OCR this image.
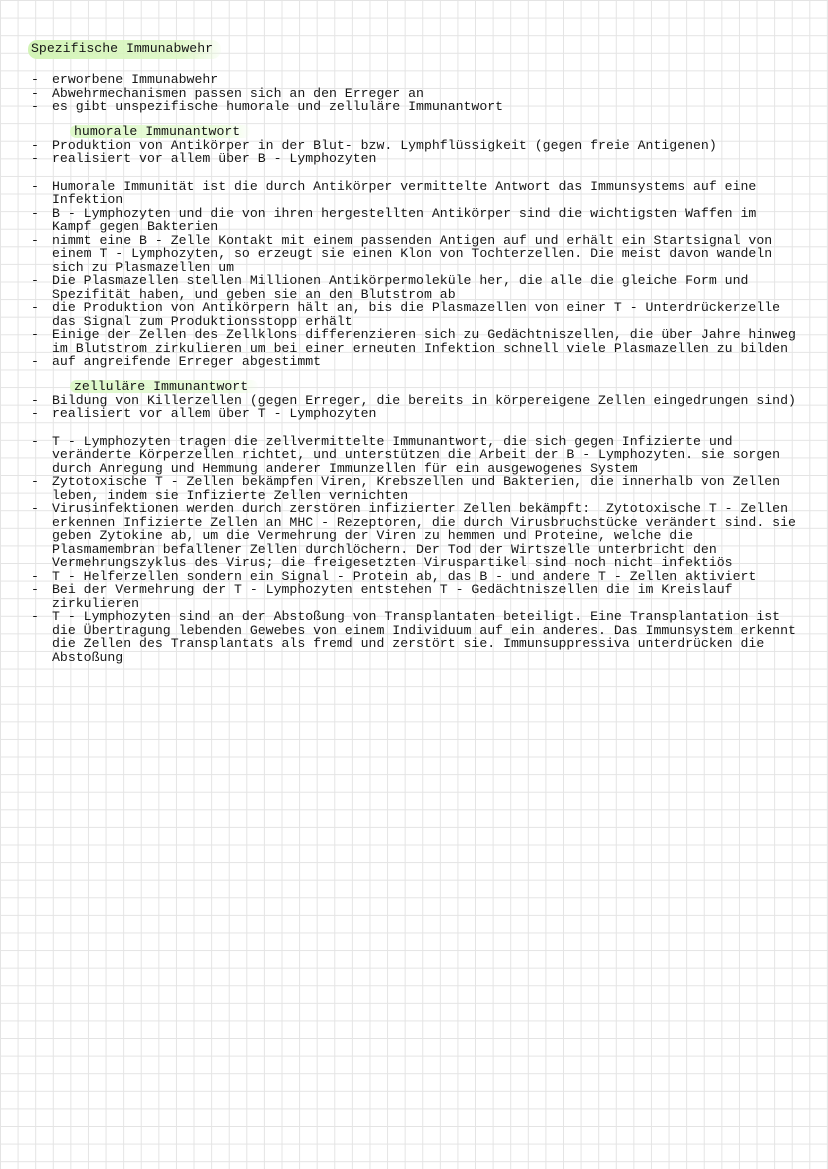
Spezifische Immunabwehr
- erworbene Immunabwehr
- Abwehrmechanismen passen sich an den Erreger an
- es gibt unspezifische humorale und zelluläre Immunantwort
humorale Immunantwort
- Produktion von Antikörper in der Blut- bzw. Lymphflüssigkeit (gegen freie Antigenen)
- realisiert vor allem über B - Lymphozyten
- Humorale Immunität ist die durch Antikörper vermittelte Antwort das Immunsystems auf eine
Infektion
- B - Lymphozyten und die von ihren hergestellten Antikörper sind die wichtigsten Waffen im
Kampf gegen Bakterien
- nimmt eine B - Zelle Kontakt mit einem passenden Antigen auf und erhält ein Startsignal von
einem T - Lymphozyten, so erzeugt sie einen Klon von Tochterzellen. Die meist davon wandeln
sich zu Plasmazellen um
- Die Plasmazellen stellen Millionen Antikörpermoleküle her, die alle die gleiche Form und
Spezifität haben, und geben sie an den Blutstrom ab
- die Produktion von Antikörpern hält an, bis die Plasmazellen von einer T - Unterdrückerzelle
das Signal zum Produktionsstopp erhält
- Einige der Zellen des Zellklons differenzieren sich zu Gedächtniszellen, die über Jahre hinweg
im Blutstrom zirkulieren um bei einer erneuten Infektion schnell viele Plasmazellen zu bilden
- auf angreifende Erreger abgestimmt
zelluläre Immunantwort
- Bildung von Killerzellen (gegen Erreger, die bereits in körpereigene Zellen eingedrungen sind)
- realisiert vor allem über T - Lymphozyten
- T - Lymphozyten tragen die zellvermittelte Immunantwort, die sich gegen Infizierte und
veränderte Körperzellen richtet, und unterstützen die Arbeit der B - Lymphozyten. sie sorgen
durch Anregung und Hemmung anderer Immunzellen für ein ausgewogenes System
- Zytotoxische T - Zellen bekämpfen Viren, Krebszellen und Bakterien, die innerhalb von Zellen
leben, indem sie Infizierte Zellen vernichten
- Virusinfektionen werden durch zerstören infizierter Zellen bekämpft:  Zytotoxische T - Zellen
erkennen Infizierte Zellen an MHC - Rezeptoren, die durch Virusbruchstücke verändert sind. sie
geben Zytokine ab, um die Vermehrung der Viren zu hemmen und Proteine, welche die
Plasmamembran befallener Zellen durchlöchern. Der Tod der Wirtszelle unterbricht den
Vermehrungszyklus des Virus; die freigesetzten Viruspartikel sind noch nicht infektiös
- T - Helferzellen sondern ein Signal - Protein ab, das B - und andere T - Zellen aktiviert
- Bei der Vermehrung der T - Lymphozyten entstehen T - Gedächtniszellen die im Kreislauf
zirkulieren
- T - Lymphozyten sind an der Abstoßung von Transplantaten beteiligt. Eine Transplantation ist
die Übertragung lebenden Gewebes von einem Individuum auf ein anderes. Das Immunsystem erkennt
die Zellen des Transplantats als fremd und zerstört sie. Immunsuppressiva unterdrücken die
Abstoßung
